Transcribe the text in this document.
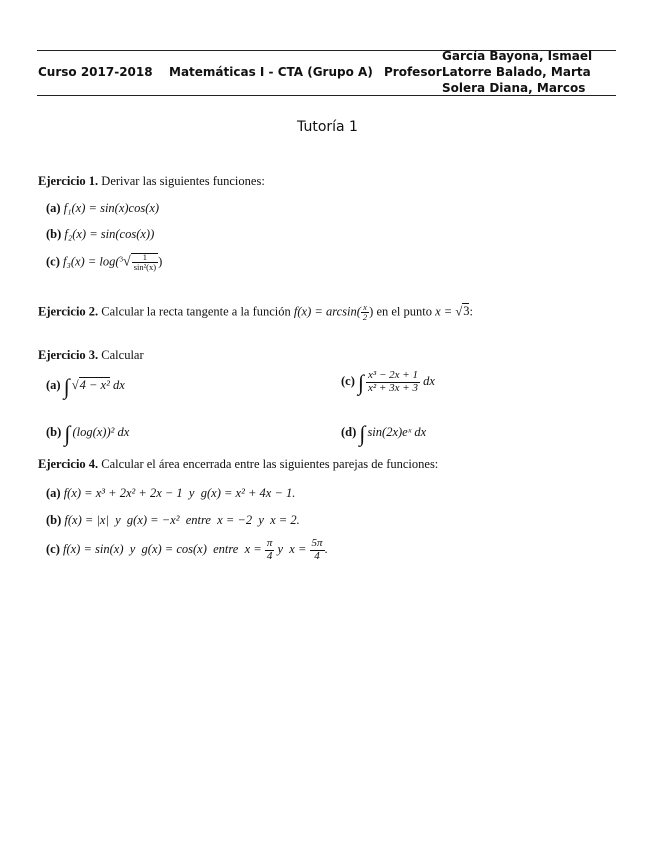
Curso 2017-2018 Matemáticas I - CTA (Grupo A) Profesor:
García Bayona, Ismael
Latorre Balado, Marta
Solera Diana, Marcos
Tutoría 1
Ejercicio 1. Derivar las siguientes funciones:
(a) f₁(x) = sin(x)cos(x)
(b) f₂(x) = sin(cos(x))
(c) $f_3(x) = \log(^3√ \frac{1}{\text{sin²(x)}}$ )
Ejercicio 2. Calcular la recta tangente a la función $f(x) = \arcsin( \frac{x}{2}$ ) en el punto x = √3:
Ejercicio 3. Calcular
(a) ∫ √4 − x² dx	(c) ∫ $\frac{\text{x³ − 2x + 1}}{\text{x² + 3x + 3}}$ dx
(b) ∫ (log(x))² dx	(d) ∫ sin(2x)eˣ dx
Ejercicio 4. Calcular el área encerrada entre las siguientes parejas de funciones:
(a) f(x) = x³ + 2x² + 2x − 1  y  g(x) = x² + 4x − 1.
(b) f(x) = |x|  y  g(x) = −x²  entre  x = −2  y  x = 2.
(c) f(x) = sin(x)  y  g(x) = cos(x)  entre  $x = \frac{\pi}{4}$ y  $x = \frac{5\pi}{4}$ .
